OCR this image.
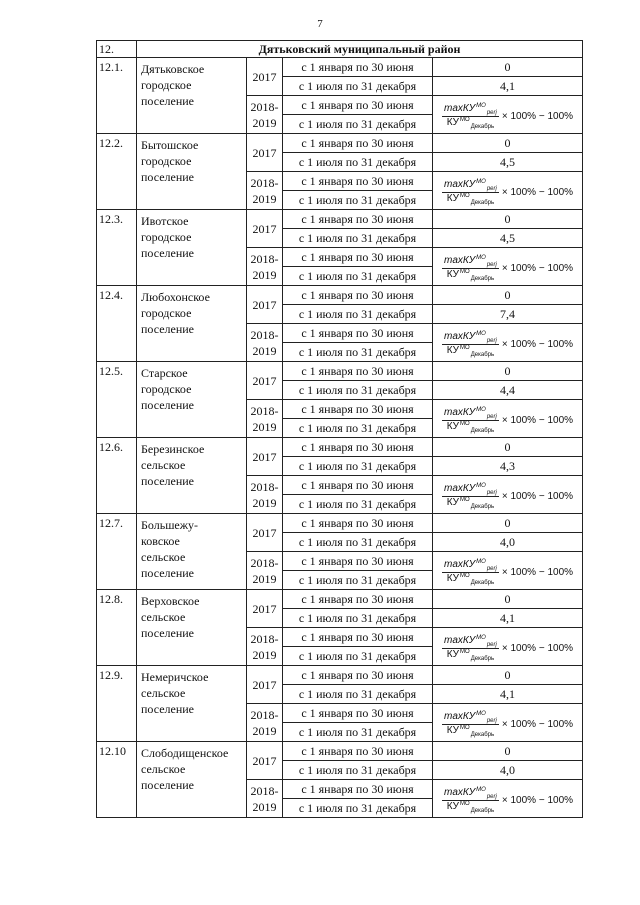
7
12.	Дятьковский муниципальный район			
12.1.	Дятьковское
городское
поселение	2017	с 1 января по 30 июня	0
			с 1 июля по 31 декабря	4,1
		2018-
2019	с 1 января по 30 июня	$\frac{\max КУ^{МО}_{perj}}{КУ^{МО}_{Декабрь}} \times 100\% - 100\%$

			с 1 июля по 31 декабря	
12.2.	Бытошское
городское
поселение	2017	с 1 января по 30 июня	0
			с 1 июля по 31 декабря	4,5
		2018-
2019	с 1 января по 30 июня	$\frac{\max КУ^{МО}_{perj}}{КУ^{МО}_{Декабрь}} \times 100\% - 100\%$

			с 1 июля по 31 декабря	
12.3.	Ивотское
городское
поселение	2017	с 1 января по 30 июня	0
			с 1 июля по 31 декабря	4,5
		2018-
2019	с 1 января по 30 июня	$\frac{\max КУ^{МО}_{perj}}{КУ^{МО}_{Декабрь}} \times 100\% - 100\%$

			с 1 июля по 31 декабря	
12.4.	Любохонское
городское
поселение	2017	с 1 января по 30 июня	0
			с 1 июля по 31 декабря	7,4
		2018-
2019	с 1 января по 30 июня	$\frac{\max КУ^{МО}_{perj}}{КУ^{МО}_{Декабрь}} \times 100\% - 100\%$

			с 1 июля по 31 декабря	
12.5.	Старское
городское
поселение	2017	с 1 января по 30 июня	0
			с 1 июля по 31 декабря	4,4
		2018-
2019	с 1 января по 30 июня	$\frac{\max КУ^{МО}_{perj}}{КУ^{МО}_{Декабрь}} \times 100\% - 100\%$

			с 1 июля по 31 декабря	
12.6.	Березинское
сельское
поселение	2017	с 1 января по 30 июня	0
			с 1 июля по 31 декабря	4,3
		2018-
2019	с 1 января по 30 июня	$\frac{\max КУ^{МО}_{perj}}{КУ^{МО}_{Декабрь}} \times 100\% - 100\%$

			с 1 июля по 31 декабря	
12.7.	Большежу-
ковское
сельское
поселение	2017	с 1 января по 30 июня	0
			с 1 июля по 31 декабря	4,0
		2018-
2019	с 1 января по 30 июня	$\frac{\max КУ^{МО}_{perj}}{КУ^{МО}_{Декабрь}} \times 100\% - 100\%$

			с 1 июля по 31 декабря	
12.8.	Верховское
сельское
поселение	2017	с 1 января по 30 июня	0
			с 1 июля по 31 декабря	4,1
		2018-
2019	с 1 января по 30 июня	$\frac{\max КУ^{МО}_{perj}}{КУ^{МО}_{Декабрь}} \times 100\% - 100\%$

			с 1 июля по 31 декабря	
12.9.	Немеричское
сельское
поселение	2017	с 1 января по 30 июня	0
			с 1 июля по 31 декабря	4,1
		2018-
2019	с 1 января по 30 июня	$\frac{\max КУ^{МО}_{perj}}{КУ^{МО}_{Декабрь}} \times 100\% - 100\%$

			с 1 июля по 31 декабря	
12.10	Слободищенское
сельское
поселение	2017	с 1 января по 30 июня	0
			с 1 июля по 31 декабря	4,0
		2018-
2019	с 1 января по 30 июня	$\frac{\max КУ^{МО}_{perj}}{КУ^{МО}_{Декабрь}} \times 100\% - 100\%$

			с 1 июля по 31 декабря	
